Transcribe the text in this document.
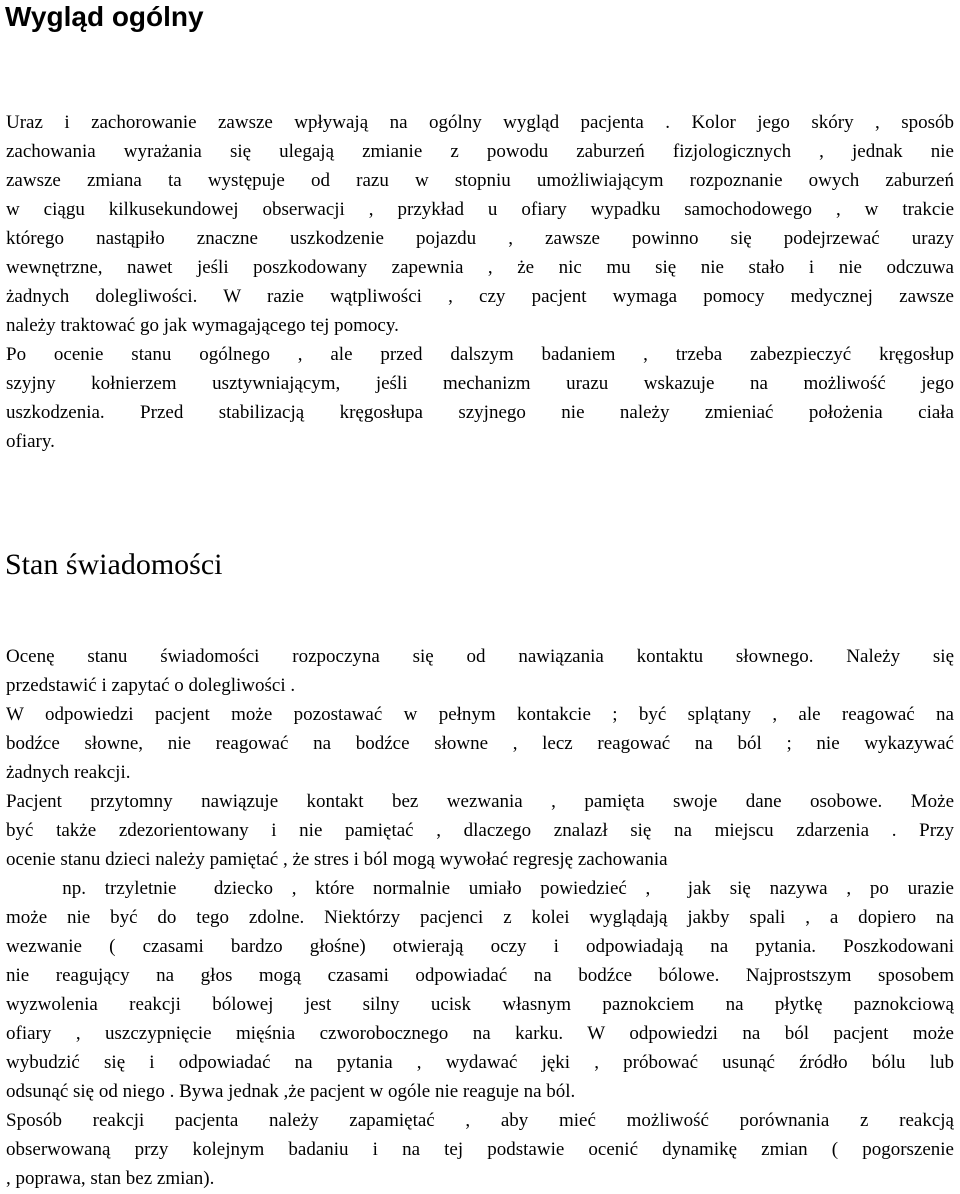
Wygląd ogólny
Uraz i zachorowanie zawsze wpływają na ogólny wygląd pacjenta . Kolor jego skóry , sposób
zachowania wyrażania się ulegają zmianie z powodu zaburzeń fizjologicznych , jednak nie
zawsze zmiana ta występuje od razu w stopniu umożliwiającym rozpoznanie owych zaburzeń
w ciągu kilkusekundowej obserwacji , przykład u ofiary wypadku samochodowego , w trakcie
którego nastąpiło znaczne uszkodzenie pojazdu , zawsze powinno się podejrzewać urazy
wewnętrzne, nawet jeśli poszkodowany zapewnia , że nic mu się nie stało i nie odczuwa
żadnych dolegliwości. W razie wątpliwości , czy pacjent wymaga pomocy medycznej zawsze
należy traktować go jak wymagającego tej pomocy.
Po ocenie stanu ogólnego , ale przed dalszym badaniem , trzeba zabezpieczyć kręgosłup
szyjny kołnierzem usztywniającym, jeśli mechanizm urazu wskazuje na możliwość jego
uszkodzenia. Przed stabilizacją kręgosłupa szyjnego nie należy zmieniać położenia ciała
ofiary.
Stan świadomości
Ocenę stanu świadomości rozpoczyna się od nawiązania kontaktu słownego. Należy się
przedstawić i zapytać o dolegliwości .
W odpowiedzi pacjent może pozostawać w pełnym kontakcie ; być splątany , ale reagować na
bodźce słowne, nie reagować na bodźce słowne , lecz reagować na ból ; nie wykazywać
żadnych reakcji.
Pacjent przytomny nawiązuje kontakt bez wezwania , pamięta swoje dane osobowe. Może
być także zdezorientowany i nie pamiętać , dlaczego znalazł się na miejscu zdarzenia . Przy
ocenie stanu dzieci należy pamiętać , że stres i ból mogą wywołać regresję zachowania
np. trzyletnie  dziecko , które normalnie umiało powiedzieć ,  jak się nazywa , po urazie
może nie być do tego zdolne. Niektórzy pacjenci z kolei wyglądają jakby spali , a dopiero na
wezwanie ( czasami bardzo głośne) otwierają oczy i odpowiadają na pytania. Poszkodowani
nie reagujący na głos mogą czasami odpowiadać na bodźce bólowe. Najprostszym sposobem
wyzwolenia reakcji bólowej jest silny ucisk własnym paznokciem na płytkę paznokciową
ofiary , uszczypnięcie mięśnia czworobocznego na karku. W odpowiedzi na ból pacjent może
wybudzić się i odpowiadać na pytania , wydawać jęki , próbować usunąć źródło bólu lub
odsunąć się od niego . Bywa jednak ,że pacjent w ogóle nie reaguje na ból.
Sposób reakcji pacjenta należy zapamiętać , aby mieć możliwość porównania z reakcją
obserwowaną przy kolejnym badaniu i na tej podstawie ocenić dynamikę zmian ( pogorszenie
, poprawa, stan bez zmian).
